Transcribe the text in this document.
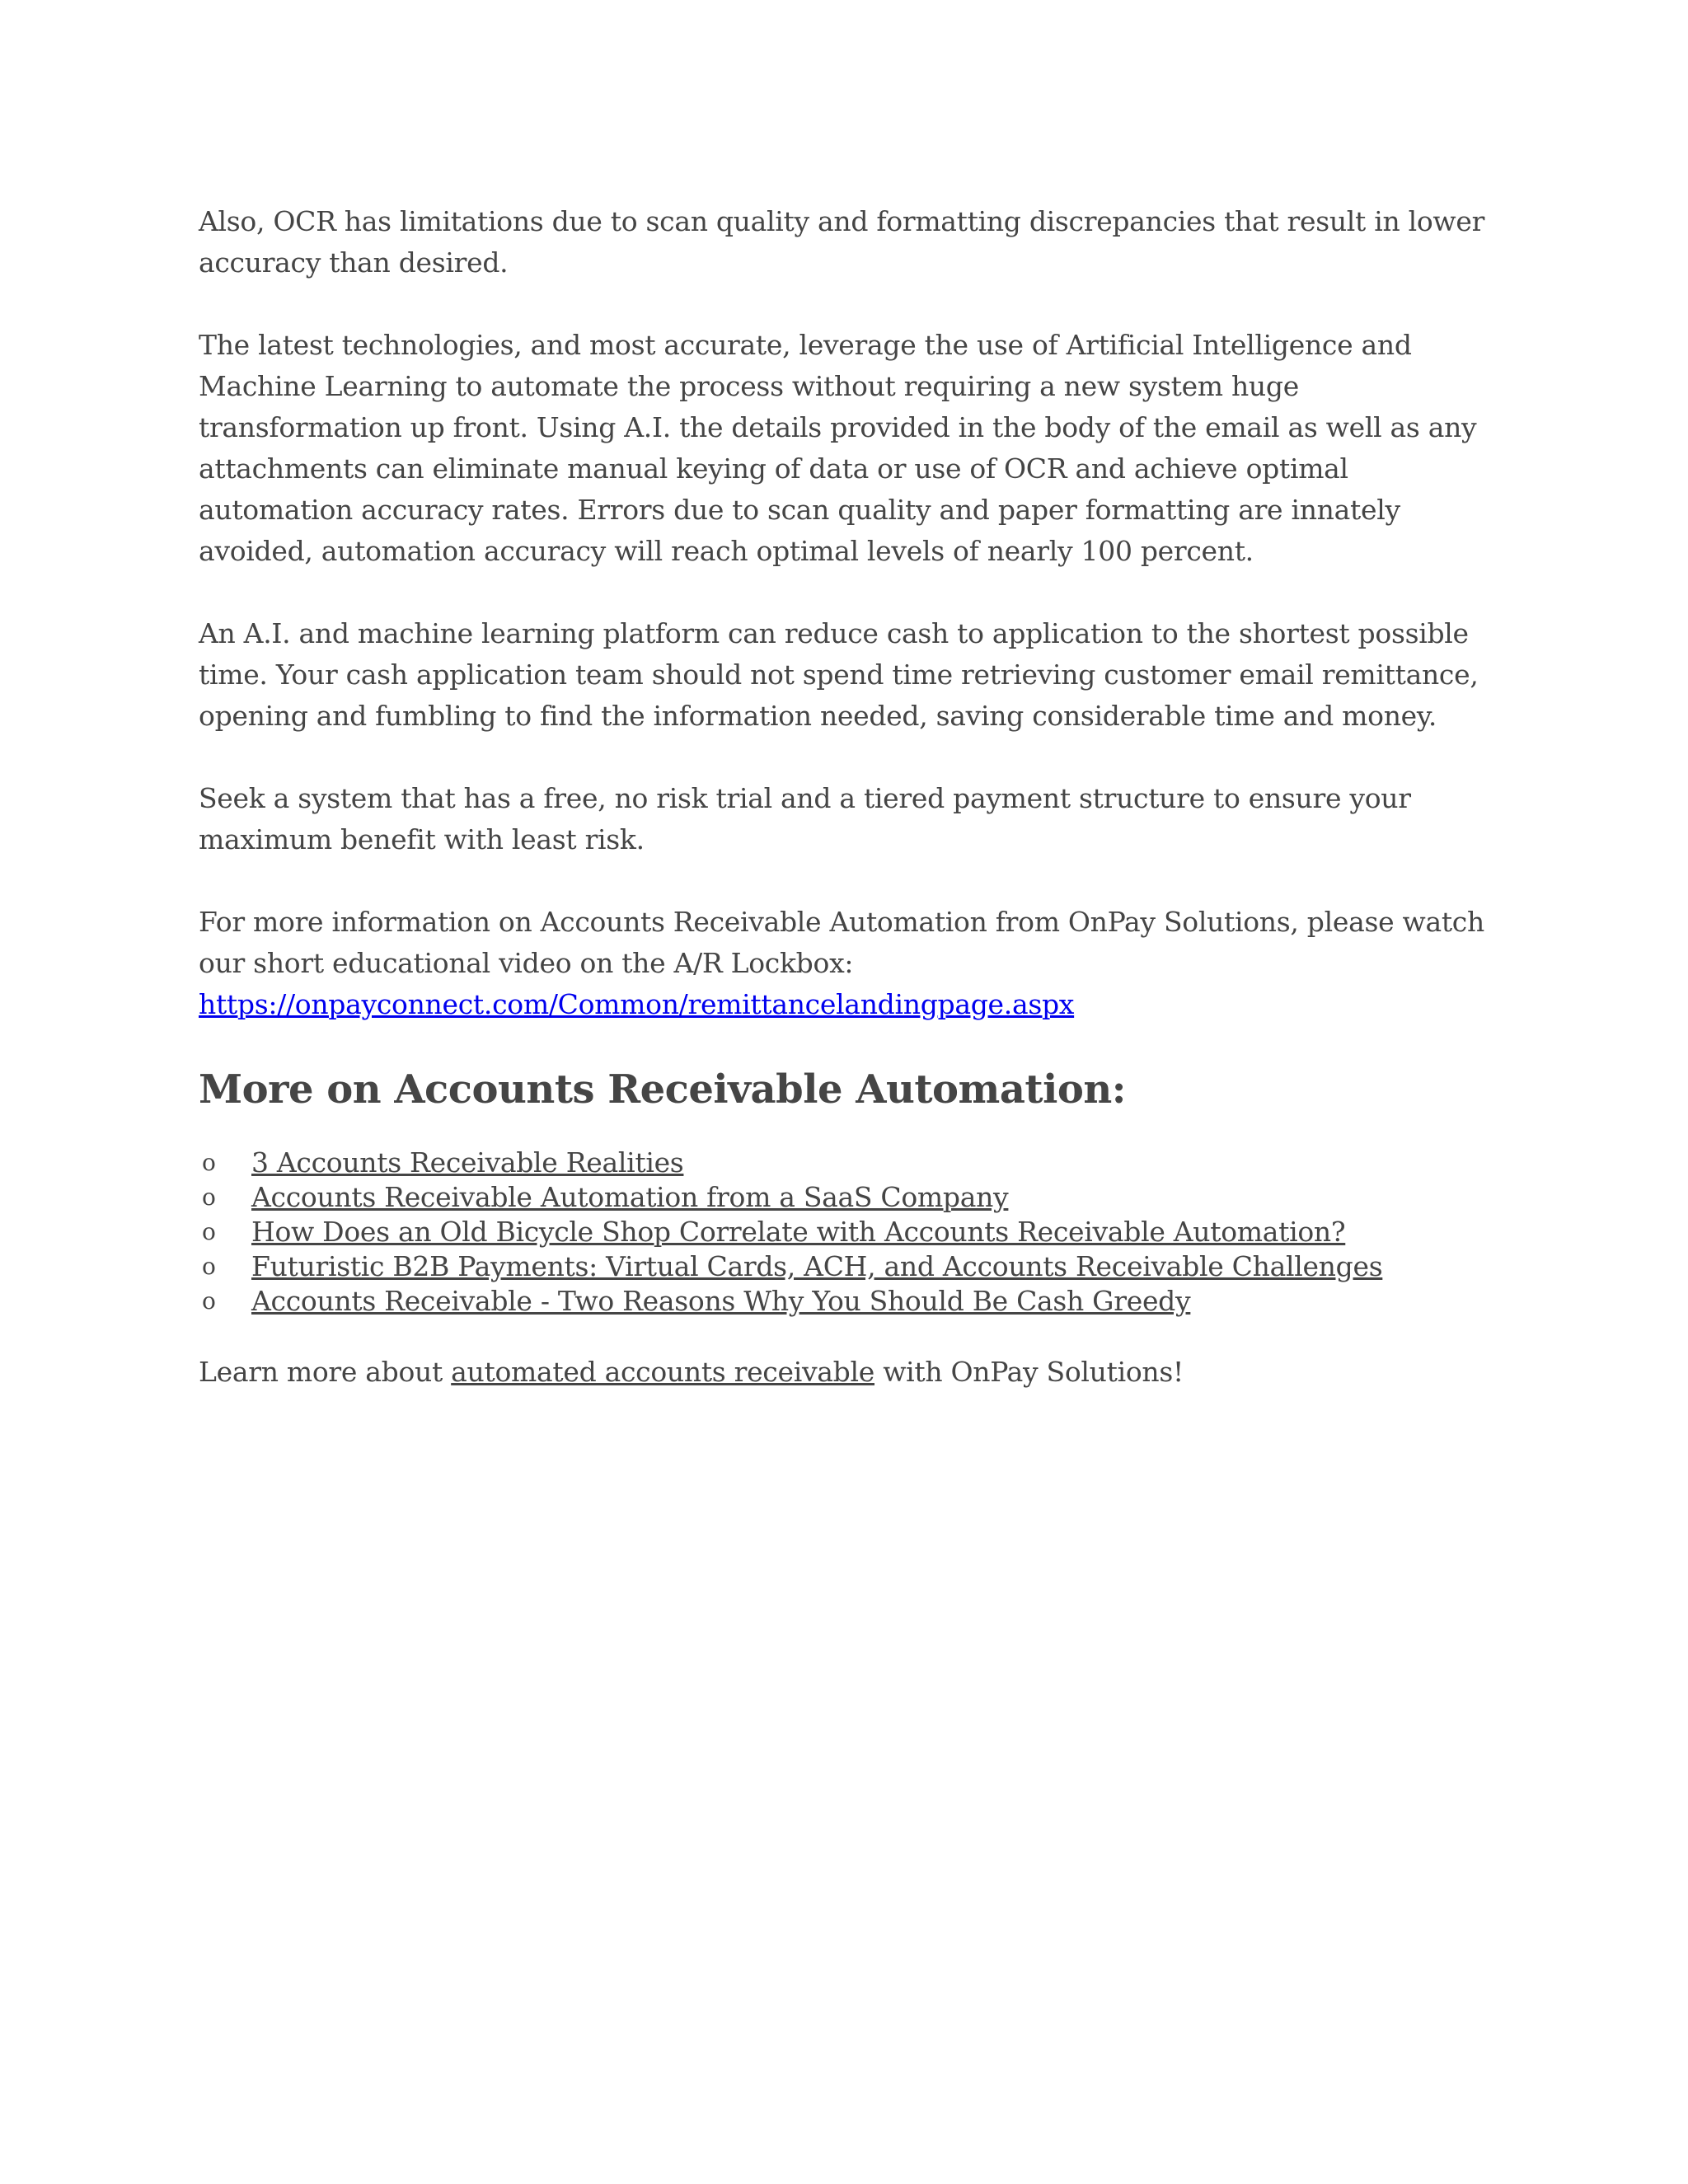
Also, OCR has limitations due to scan quality and formatting discrepancies that result in lower accuracy than desired.

The latest technologies, and most accurate, leverage the use of Artificial Intelligence and Machine Learning to automate the process without requiring a new system huge transformation up front. Using A.I. the details provided in the body of the email as well as any attachments can eliminate manual keying of data or use of OCR and achieve optimal automation accuracy rates. Errors due to scan quality and paper formatting are innately avoided, automation accuracy will reach optimal levels of nearly 100 percent.

An A.I. and machine learning platform can reduce cash to application to the shortest possible time. Your cash application team should not spend time retrieving customer email remittance, opening and fumbling to find the information needed, saving considerable time and money.

Seek a system that has a free, no risk trial and a tiered payment structure to ensure your maximum benefit with least risk.

For more information on Accounts Receivable Automation from OnPay Solutions, please watch our short educational video on the A/R Lockbox:

https://onpayconnect.com/Common/remittancelandingpage.aspx
More on Accounts Receivable Automation:
o 3 Accounts Receivable Realities
o Accounts Receivable Automation from a SaaS Company
o How Does an Old Bicycle Shop Correlate with Accounts Receivable Automation?
o Futuristic B2B Payments: Virtual Cards, ACH, and Accounts Receivable Challenges
o Accounts Receivable - Two Reasons Why You Should Be Cash Greedy

Learn more about automated accounts receivable with OnPay Solutions!
